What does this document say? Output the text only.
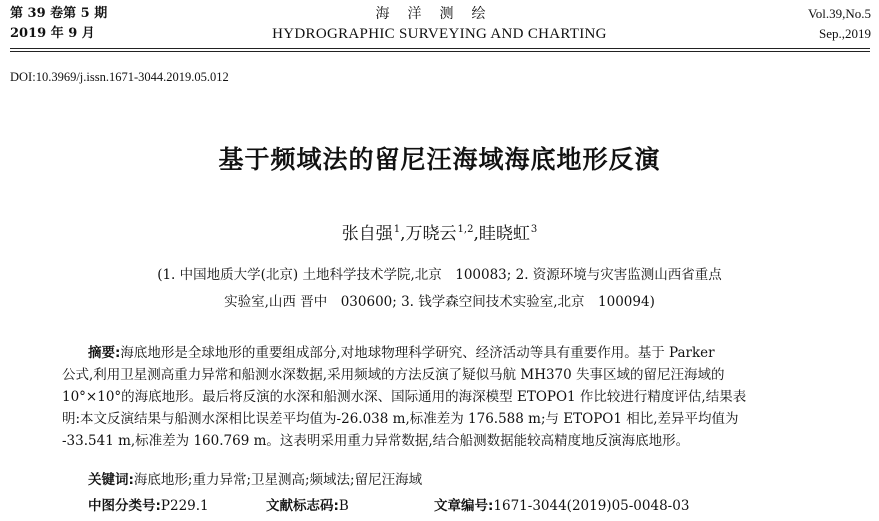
第 39 卷第 5 期
2019 年 9 月
海洋测绘
HYDROGRAPHIC SURVEYING AND CHARTING
Vol.39,No.5
Sep.,2019
DOI:10.3969/j.issn.1671-3044.2019.05.012
基于频域法的留尼汪海域海底地形反演
张自强$^1$,万晓云$^{1,2}$,眭晓虹$^3$
(1. 中国地质大学(北京) 土地科学技术学院,北京　100083; 2. 资源环境与灾害监测山西省重点
实验室,山西 晋中　030600; 3. 钱学森空间技术实验室,北京　100094)
摘要:海底地形是全球地形的重要组成部分,对地球物理科学研究、经济活动等具有重要作用。基于 Parker
公式,利用卫星测高重力异常和船测水深数据,采用频域的方法反演了疑似马航 MH370 失事区域的留尼汪海域的
10°×10°的海底地形。最后将反演的水深和船测水深、国际通用的海深模型 ETOPO1 作比较进行精度评估,结果表
明:本文反演结果与船测水深相比误差平均值为-26.038 m,标准差为 176.588 m;与 ETOPO1 相比,差异平均值为
-33.541 m,标准差为 160.769 m。这表明采用重力异常数据,结合船测数据能较高精度地反演海底地形。
关键词:海底地形;重力异常;卫星测高;频域法;留尼汪海域
中图分类号:P229.1	文献标志码:B	文章编号:1671-3044(2019)05-0048-03
